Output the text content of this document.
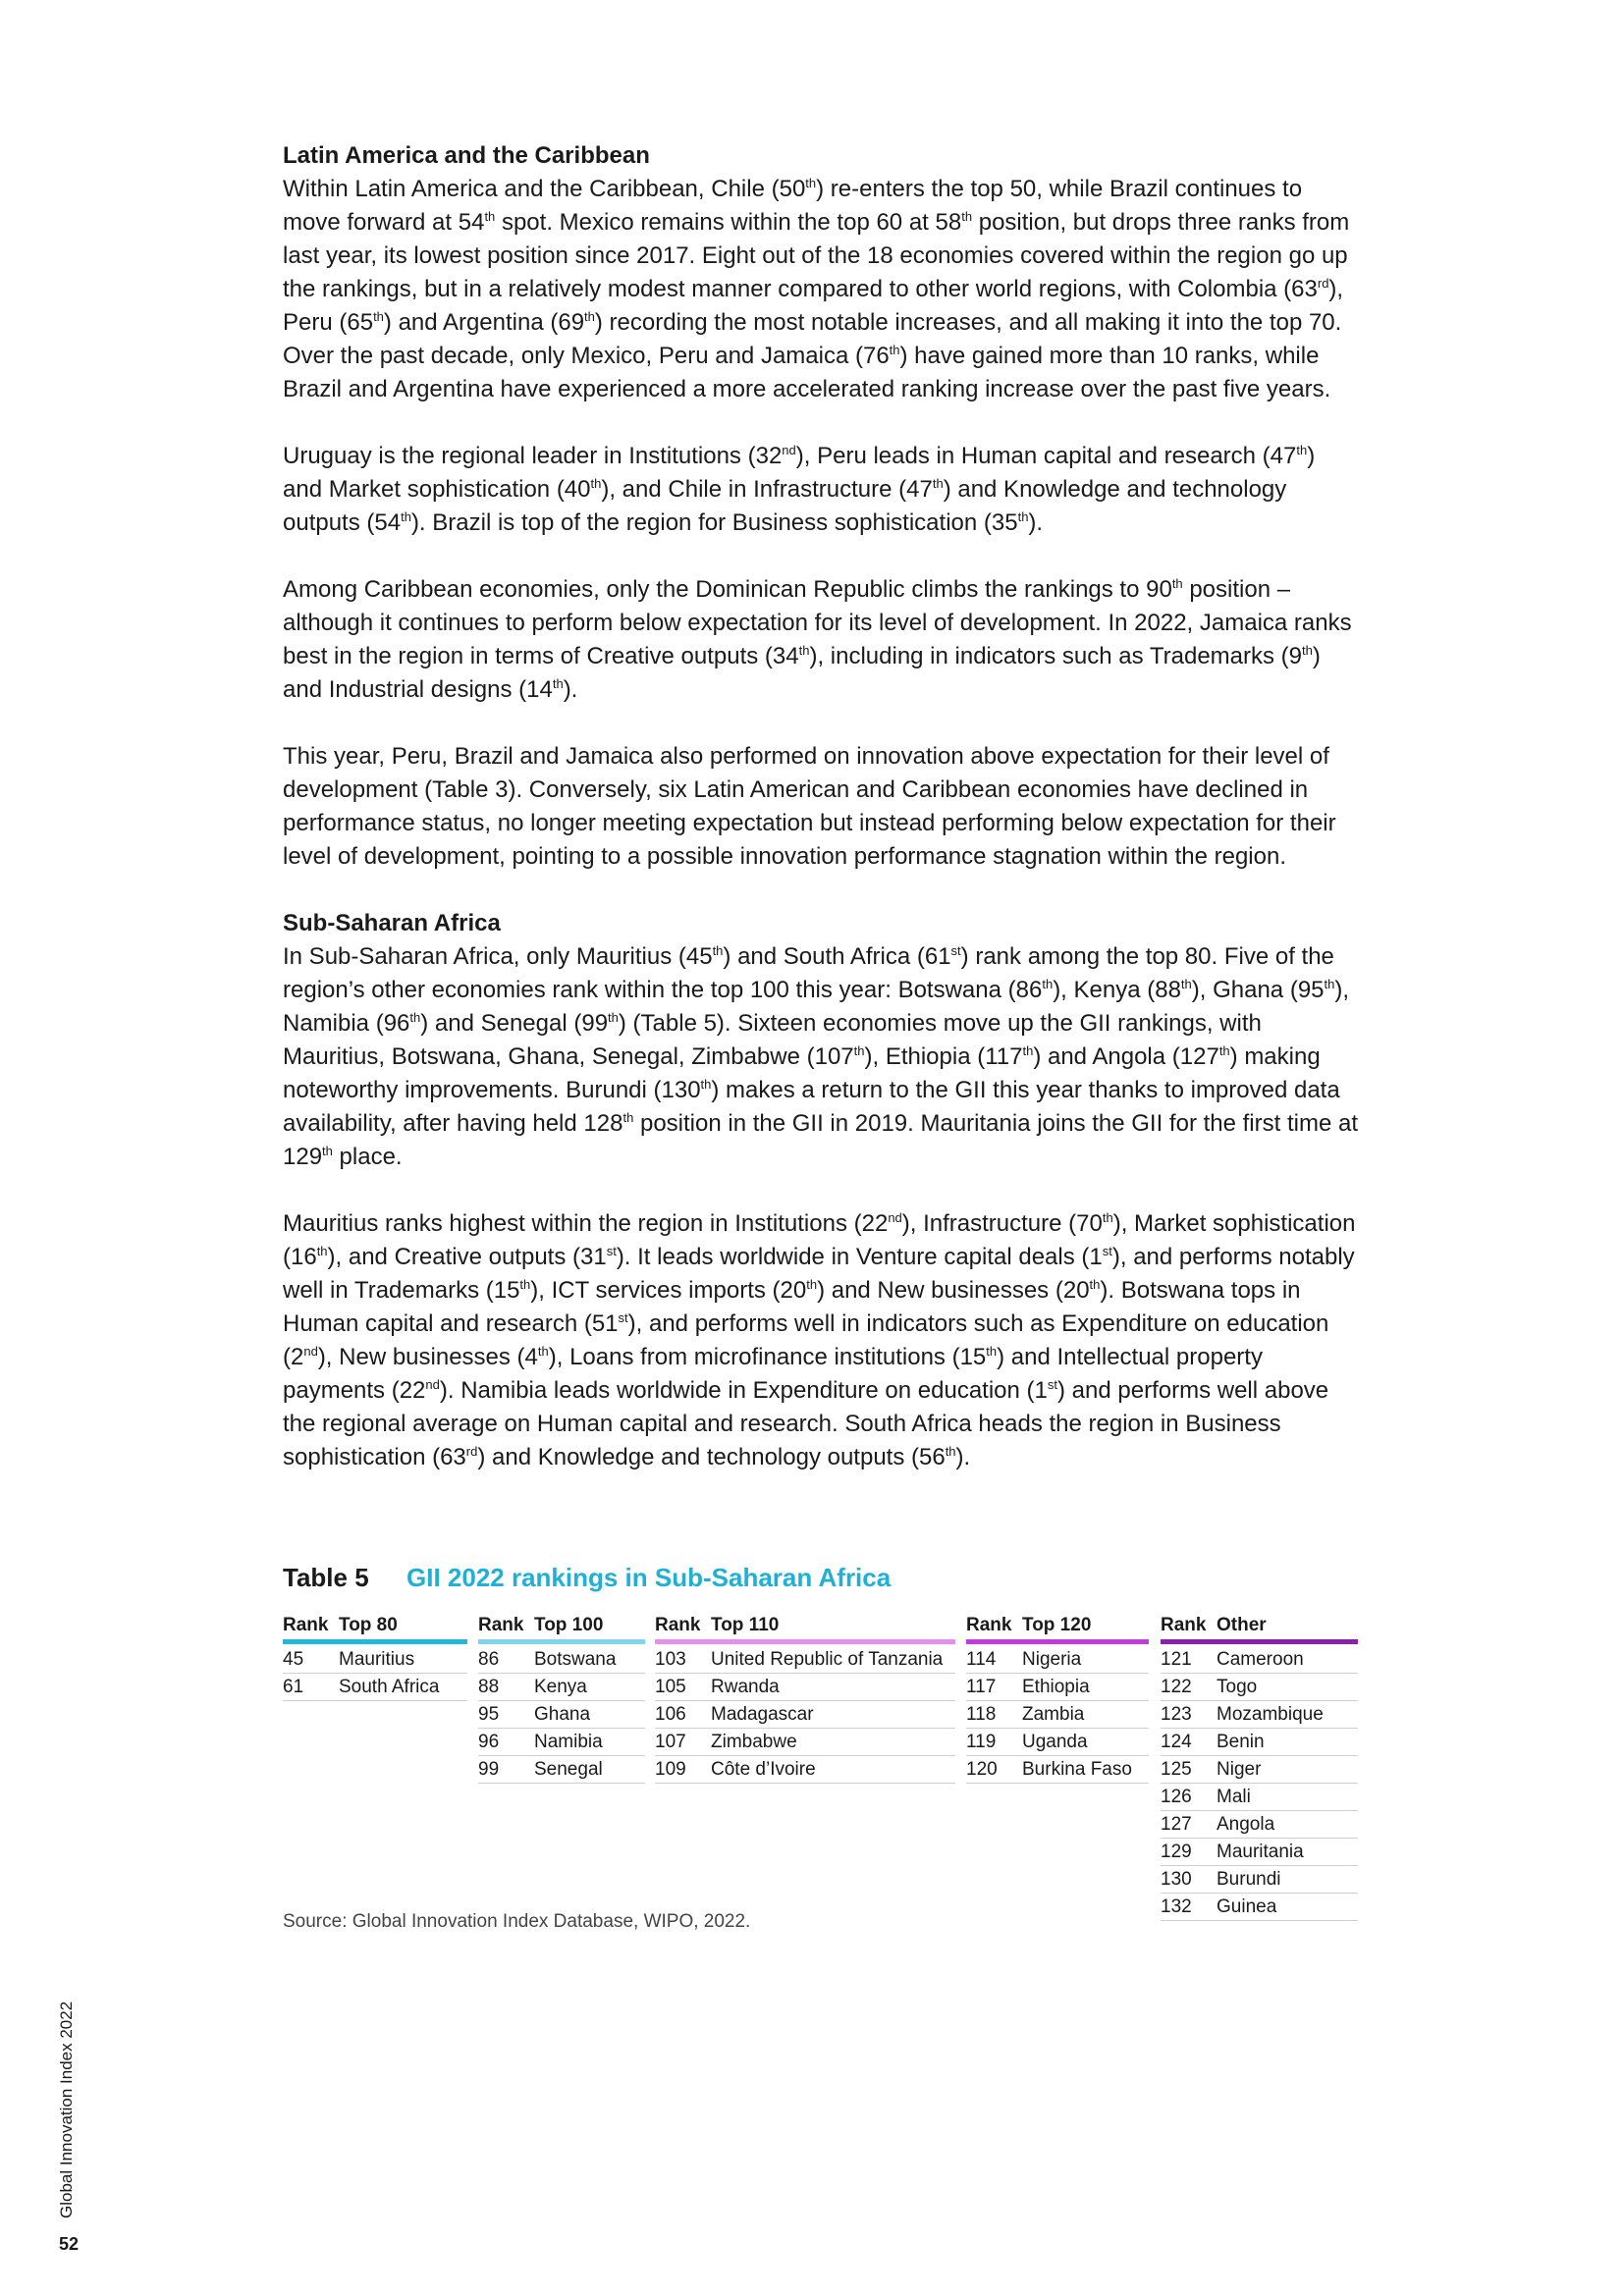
Latin America and the Caribbean

Within Latin America and the Caribbean, Chile (50th) re-enters the top 50, while Brazil continues to move forward at 54th spot. Mexico remains within the top 60 at 58th position, but drops three ranks from last year, its lowest position since 2017. Eight out of the 18 economies covered within the region go up the rankings, but in a relatively modest manner compared to other world regions, with Colombia (63rd), Peru (65th) and Argentina (69th) recording the most notable increases, and all making it into the top 70. Over the past decade, only Mexico, Peru and Jamaica (76th) have gained more than 10 ranks, while Brazil and Argentina have experienced a more accelerated ranking increase over the past five years.

Uruguay is the regional leader in Institutions (32nd), Peru leads in Human capital and research (47th) and Market sophistication (40th), and Chile in Infrastructure (47th) and Knowledge and technology outputs (54th). Brazil is top of the region for Business sophistication (35th).

Among Caribbean economies, only the Dominican Republic climbs the rankings to 90th position – although it continues to perform below expectation for its level of development. In 2022, Jamaica ranks best in the region in terms of Creative outputs (34th), including in indicators such as Trademarks (9th) and Industrial designs (14th).

This year, Peru, Brazil and Jamaica also performed on innovation above expectation for their level of development (Table 3). Conversely, six Latin American and Caribbean economies have declined in performance status, no longer meeting expectation but instead performing below expectation for their level of development, pointing to a possible innovation performance stagnation within the region.

Sub-Saharan Africa

In Sub-Saharan Africa, only Mauritius (45th) and South Africa (61st) rank among the top 80. Five of the region’s other economies rank within the top 100 this year: Botswana (86th), Kenya (88th), Ghana (95th), Namibia (96th) and Senegal (99th) (Table 5). Sixteen economies move up the GII rankings, with Mauritius, Botswana, Ghana, Senegal, Zimbabwe (107th), Ethiopia (117th) and Angola (127th) making noteworthy improvements. Burundi (130th) makes a return to the GII this year thanks to improved data availability, after having held 128th position in the GII in 2019. Mauritania joins the GII for the first time at 129th place.

Mauritius ranks highest within the region in Institutions (22nd), Infrastructure (70th), Market sophistication (16th), and Creative outputs (31st). It leads worldwide in Venture capital deals (1st), and performs notably well in Trademarks (15th), ICT services imports (20th) and New businesses (20th). Botswana tops in Human capital and research (51st), and performs well in indicators such as Expenditure on education (2nd), New businesses (4th), Loans from microfinance institutions (15th) and Intellectual property payments (22nd). Namibia leads worldwide in Expenditure on education (1st) and performs well above the regional average on Human capital and research. South Africa heads the region in Business sophistication (63rd) and Knowledge and technology outputs (56th).

Table 5 GII 2022 rankings in Sub-Saharan Africa
Rank Top 80
45	Mauritius
61	South Africa
Rank Top 100
86	Botswana
88	Kenya
95	Ghana
96	Namibia
99	Senegal
Rank Top 110
103	United Republic of Tanzania
105	Rwanda
106	Madagascar
107	Zimbabwe
109	Côte d’Ivoire
Rank Top 120
114	Nigeria
117	Ethiopia
118	Zambia
119	Uganda
120	Burkina Faso
Rank Other
121	Cameroon
122	Togo
123	Mozambique
124	Benin
125	Niger
126	Mali
127	Angola
129	Mauritania
130	Burundi
132	Guinea
Source: Global Innovation Index Database, WIPO, 2022.
Global Innovation Index 2022
52
